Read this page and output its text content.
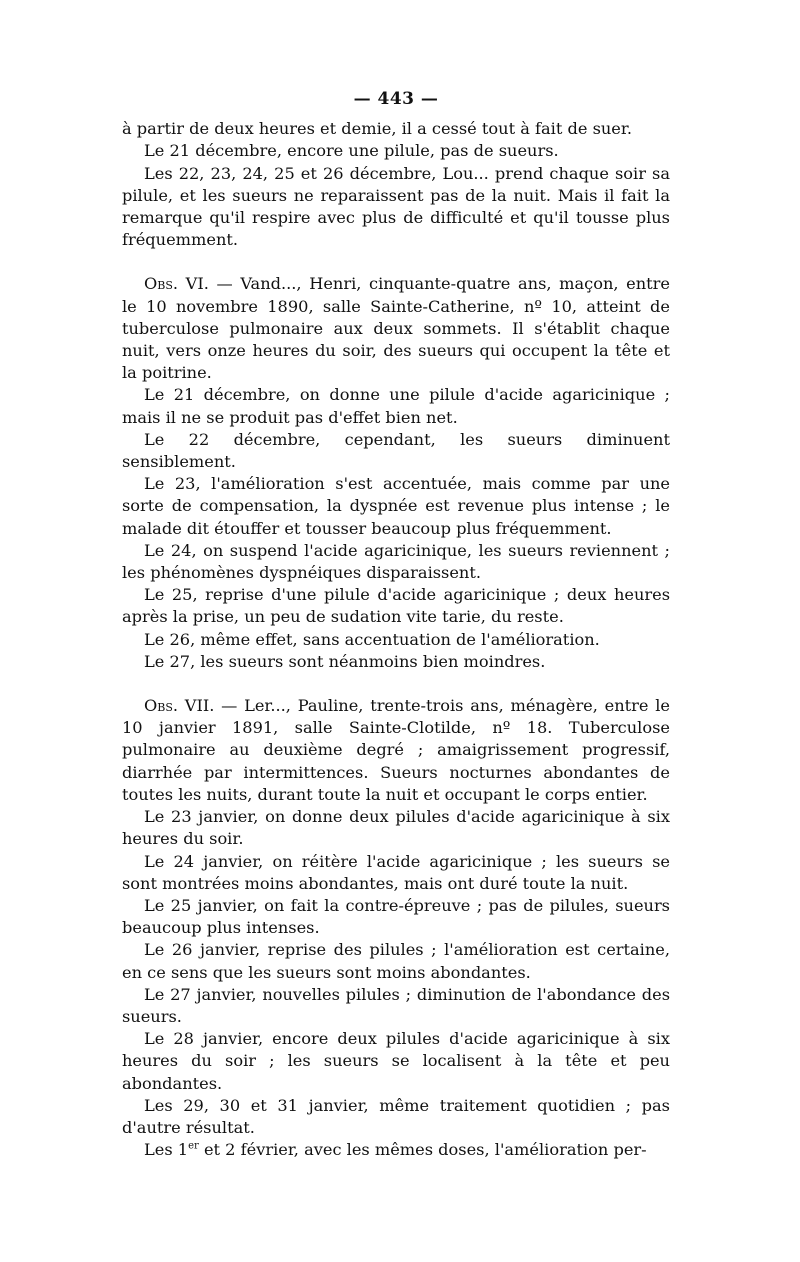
— 443 —

à partir de deux heures et demie, il a cessé tout à fait de suer.

Le 21 décembre, encore une pilule, pas de sueurs.

Les 22, 23, 24, 25 et 26 décembre, Lou... prend chaque soir sa pilule, et les sueurs ne reparaissent pas de la nuit. Mais il fait la remarque qu'il respire avec plus de difficulté et qu'il tousse plus fréquemment.

Obs. VI. — Vand..., Henri, cinquante-quatre ans, maçon, entre le 10 novembre 1890, salle Sainte-Catherine, nº 10, atteint de tuberculose pulmonaire aux deux sommets. Il s'établit chaque nuit, vers onze heures du soir, des sueurs qui occupent la tête et la poitrine.

Le 21 décembre, on donne une pilule d'acide agaricinique ; mais il ne se produit pas d'effet bien net.

Le 22 décembre, cependant, les sueurs diminuent sensiblement.

Le 23, l'amélioration s'est accentuée, mais comme par une sorte de compensation, la dyspnée est revenue plus intense ; le malade dit étouffer et tousser beaucoup plus fréquemment.

Le 24, on suspend l'acide agaricinique, les sueurs reviennent ; les phénomènes dyspnéiques disparaissent.

Le 25, reprise d'une pilule d'acide agaricinique ; deux heures après la prise, un peu de sudation vite tarie, du reste.

Le 26, même effet, sans accentuation de l'amélioration.

Le 27, les sueurs sont néanmoins bien moindres.

Obs. VII. — Ler..., Pauline, trente-trois ans, ménagère, entre le 10 janvier 1891, salle Sainte-Clotilde, nº 18. Tuberculose pulmonaire au deuxième degré ; amaigrissement progressif, diarrhée par intermittences. Sueurs nocturnes abondantes de toutes les nuits, durant toute la nuit et occupant le corps entier.

Le 23 janvier, on donne deux pilules d'acide agaricinique à six heures du soir.

Le 24 janvier, on réitère l'acide agaricinique ; les sueurs se sont montrées moins abondantes, mais ont duré toute la nuit.

Le 25 janvier, on fait la contre-épreuve ; pas de pilules, sueurs beaucoup plus intenses.

Le 26 janvier, reprise des pilules ; l'amélioration est certaine, en ce sens que les sueurs sont moins abondantes.

Le 27 janvier, nouvelles pilules ; diminution de l'abondance des sueurs.

Le 28 janvier, encore deux pilules d'acide agaricinique à six heures du soir ; les sueurs se localisent à la tête et peu abondantes.

Les 29, 30 et 31 janvier, même traitement quotidien ; pas d'autre résultat.

Les 1er et 2 février, avec les mêmes doses, l'amélioration per-
